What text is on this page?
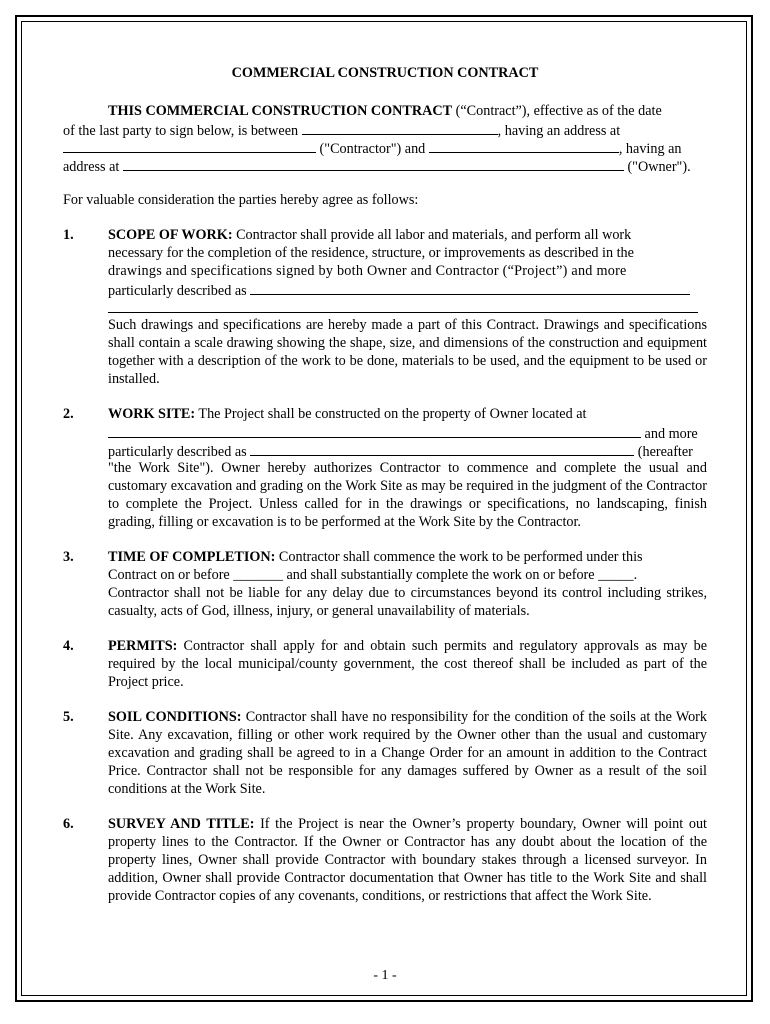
COMMERCIAL CONSTRUCTION CONTRACT
THIS COMMERCIAL CONSTRUCTION CONTRACT (“Contract”), effective as of the date
of the last party to sign below, is between	, having an address at
("Contractor") and	, having an
address at	("Owner").
For valuable consideration the parties hereby agree as follows:
1. SCOPE OF WORK: Contractor shall provide all labor and materials, and perform all work
necessary for the completion of the residence, structure, or improvements as described in the
drawings and specifications signed by both Owner and Contractor (“Project”) and more
particularly described as
Such drawings and specifications are hereby made a part of this Contract. Drawings and specifications shall contain a scale drawing showing the shape, size, and dimensions of the construction and equipment together with a description of the work to be done, materials to be used, and the equipment to be used or installed.
2. WORK SITE: The Project shall be constructed on the property of Owner located at
and more
particularly described as	(hereafter
"the Work Site"). Owner hereby authorizes Contractor to commence and complete the usual and customary excavation and grading on the Work Site as may be required in the judgment of the Contractor to complete the Project. Unless called for in the drawings or specifications, no landscaping, finish grading, filling or excavation is to be performed at the Work Site by the Contractor.
3. TIME OF COMPLETION: Contractor shall commence the work to be performed under this
Contract on or before _______ and shall substantially complete the work on or before _____.
Contractor shall not be liable for any delay due to circumstances beyond its control including strikes, casualty, acts of God, illness, injury, or general unavailability of materials.
4. PERMITS: Contractor shall apply for and obtain such permits and regulatory approvals as may be required by the local municipal/county government, the cost thereof shall be included as part of the Project price.
5. SOIL CONDITIONS: Contractor shall have no responsibility for the condition of the soils at the Work Site. Any excavation, filling or other work required by the Owner other than the usual and customary excavation and grading shall be agreed to in a Change Order for an amount in addition to the Contract Price. Contractor shall not be responsible for any damages suffered by Owner as a result of the soil conditions at the Work Site.
6. SURVEY AND TITLE: If the Project is near the Owner’s property boundary, Owner will point out property lines to the Contractor. If the Owner or Contractor has any doubt about the location of the property lines, Owner shall provide Contractor with boundary stakes through a licensed surveyor. In addition, Owner shall provide Contractor documentation that Owner has title to the Work Site and shall provide Contractor copies of any covenants, conditions, or restrictions that affect the Work Site.
- 1 -
